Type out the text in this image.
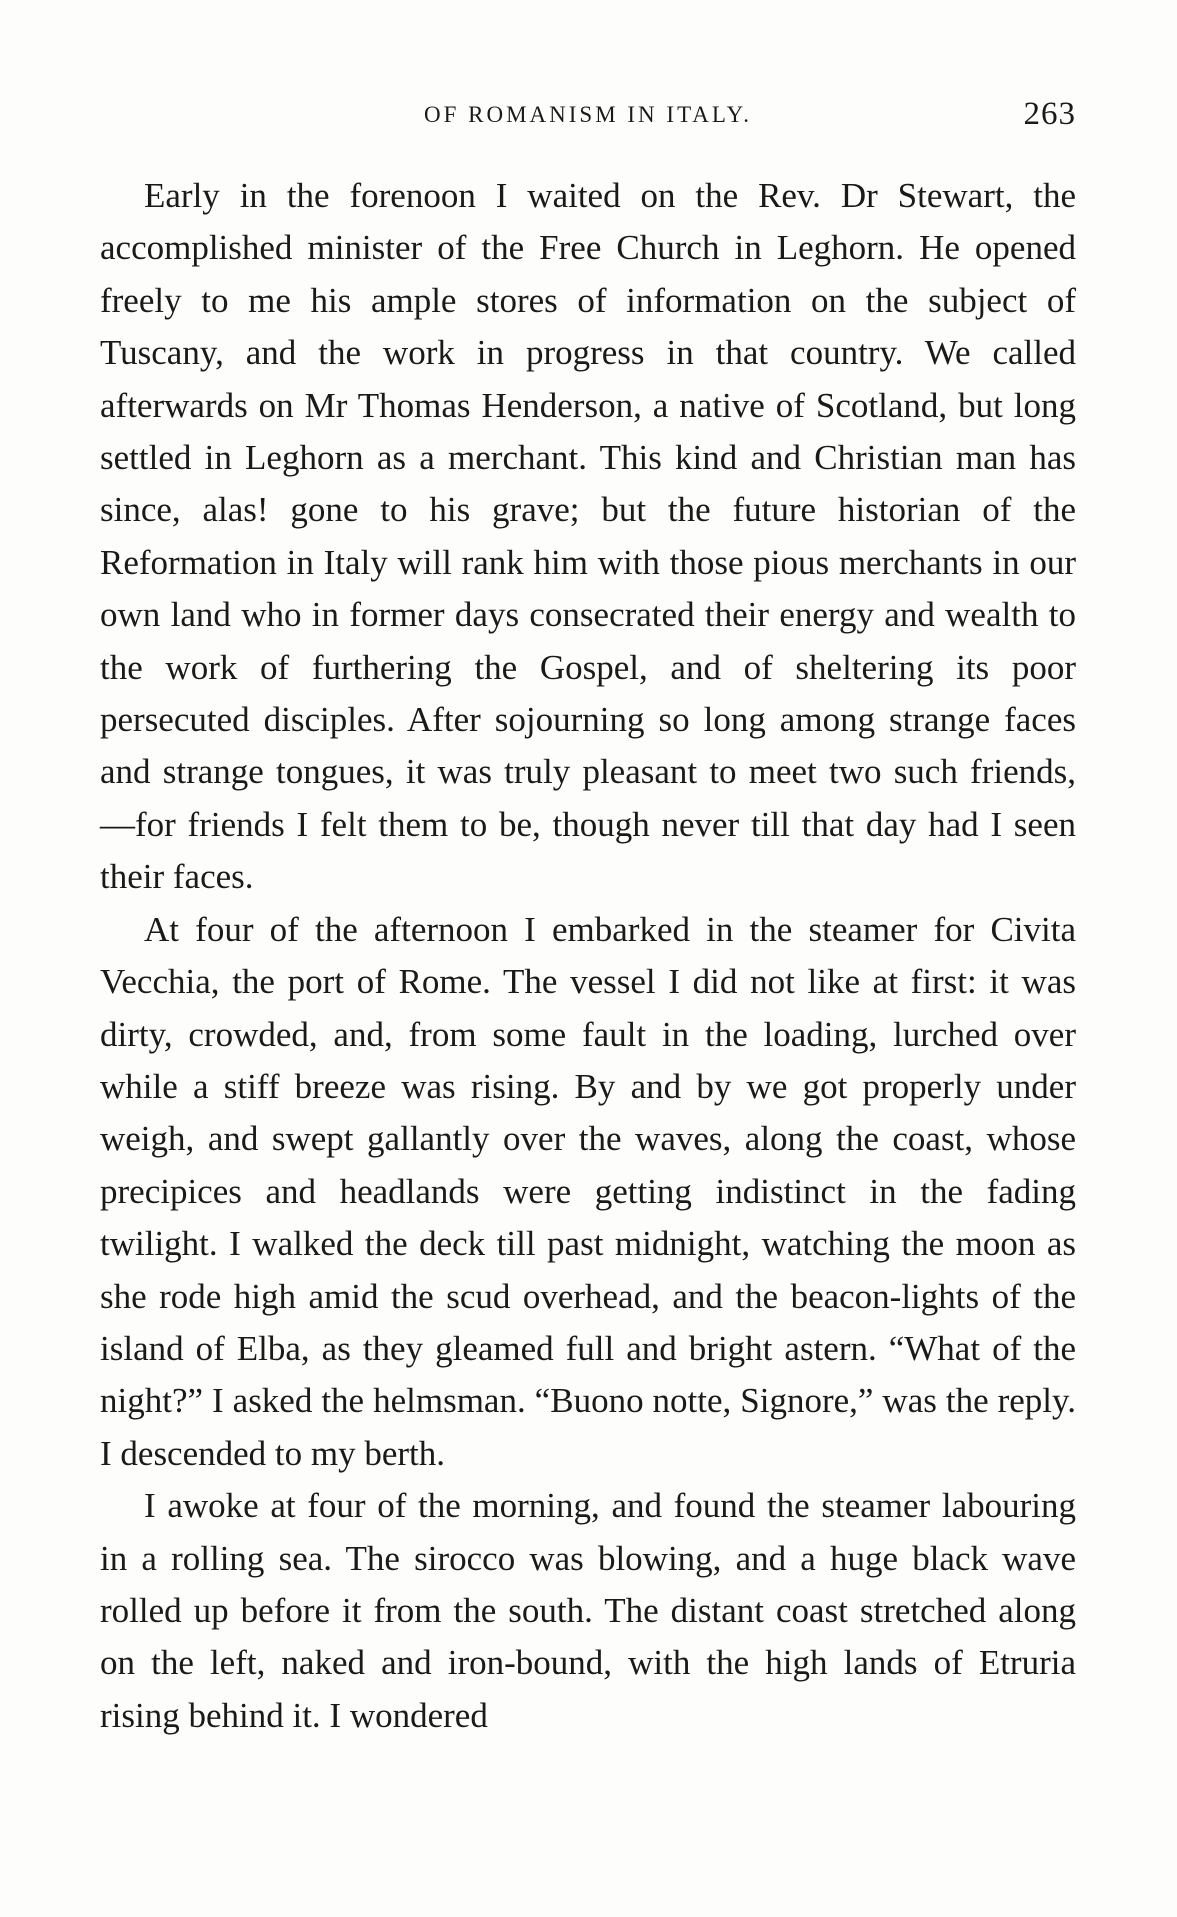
OF ROMANISM IN ITALY.	263

Early in the forenoon I waited on the Rev. Dr Stewart, the accomplished minister of the Free Church in Leghorn. He opened freely to me his ample stores of information on the subject of Tuscany, and the work in progress in that country. We called afterwards on Mr Thomas Henderson, a native of Scotland, but long settled in Leghorn as a merchant. This kind and Christian man has since, alas! gone to his grave; but the future historian of the Reformation in Italy will rank him with those pious merchants in our own land who in former days consecrated their energy and wealth to the work of furthering the Gospel, and of sheltering its poor persecuted disciples. After sojourning so long among strange faces and strange tongues, it was truly pleasant to meet two such friends, —for friends I felt them to be, though never till that day had I seen their faces.

At four of the afternoon I embarked in the steamer for Civita Vecchia, the port of Rome. The vessel I did not like at first: it was dirty, crowded, and, from some fault in the loading, lurched over while a stiff breeze was rising. By and by we got properly under weigh, and swept gallantly over the waves, along the coast, whose precipices and headlands were getting indistinct in the fading twilight. I walked the deck till past midnight, watching the moon as she rode high amid the scud overhead, and the beacon-lights of the island of Elba, as they gleamed full and bright astern. “What of the night?” I asked the helmsman. “Buono notte, Signore,” was the reply. I descended to my berth.

I awoke at four of the morning, and found the steamer labouring in a rolling sea. The sirocco was blowing, and a huge black wave rolled up before it from the south. The distant coast stretched along on the left, naked and iron-bound, with the high lands of Etruria rising behind it. I wondered
